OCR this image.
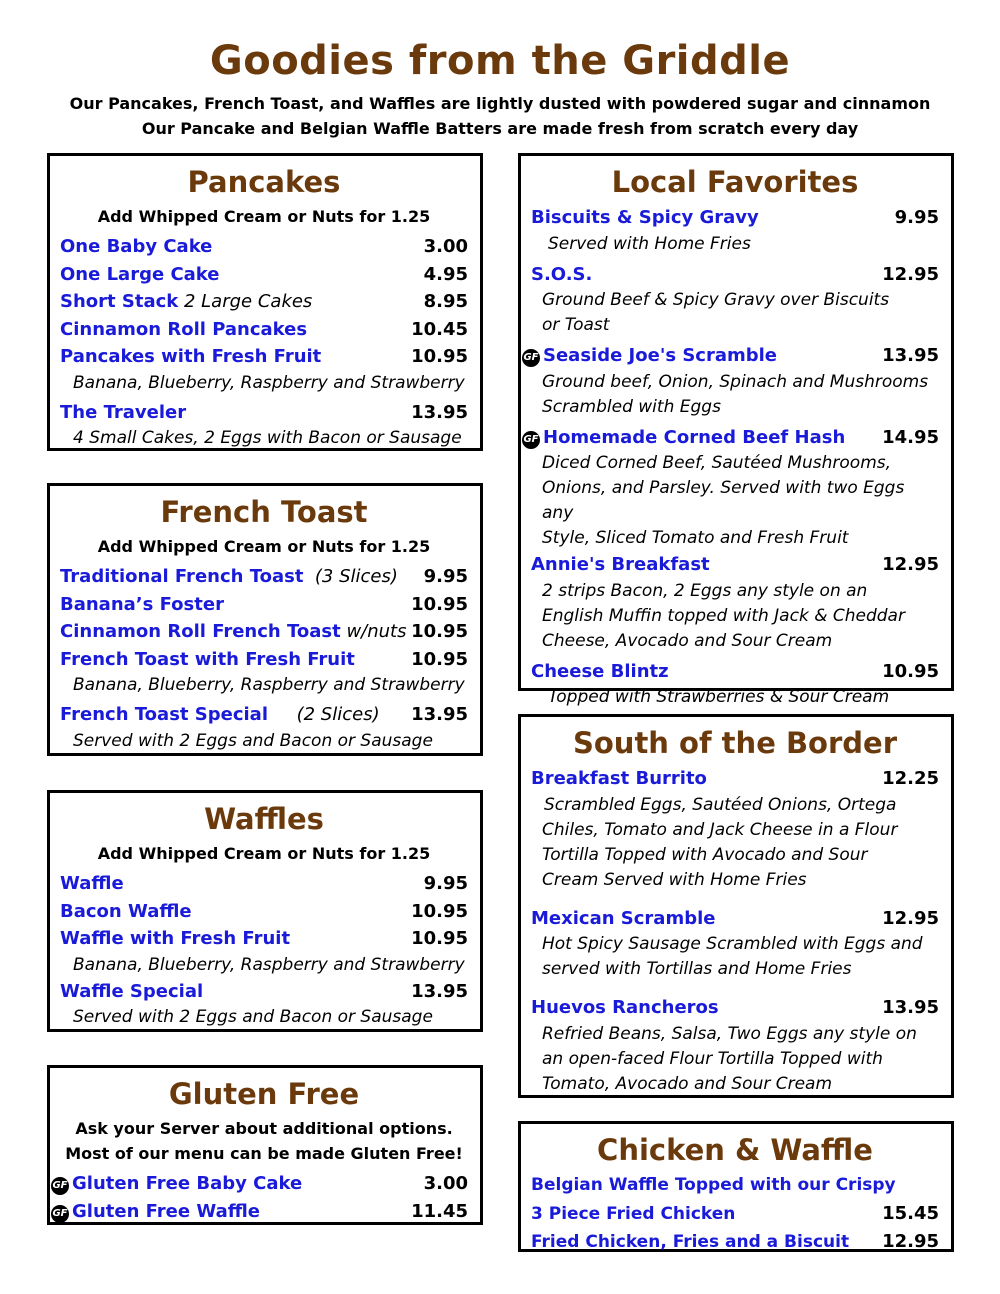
Goodies from the Griddle
Our Pancakes, French Toast, and Waffles are lightly dusted with powdered sugar and cinnamon
Our Pancake and Belgian Waffle Batters are made fresh from scratch every day
Pancakes
Add Whipped Cream or Nuts for 1.25
One Baby Cake	3.00
One Large Cake	4.95
Short Stack 2 Large Cakes	8.95
Cinnamon Roll Pancakes	10.45
Pancakes with Fresh Fruit	10.95
Banana, Blueberry, Raspberry and Strawberry
The Traveler	13.95
4 Small Cakes, 2 Eggs with Bacon or Sausage
French Toast
Add Whipped Cream or Nuts for 1.25
Traditional French Toast (3 Slices) 9.95
Banana’s Foster	10.95
Cinnamon Roll French Toast w/nuts 10.95
French Toast with Fresh Fruit	10.95
Banana, Blueberry, Raspberry and Strawberry
French Toast Special (2 Slices) 13.95
Served with 2 Eggs and Bacon or Sausage
Waffles
Add Whipped Cream or Nuts for 1.25
Waffle	9.95
Bacon Waffle	10.95
Waffle with Fresh Fruit	10.95
Banana, Blueberry, Raspberry and Strawberry
Waffle Special	13.95
Served with 2 Eggs and Bacon or Sausage
Gluten Free
Ask your Server about additional options.
Most of our menu can be made Gluten Free!
GF Gluten Free Baby Cake	3.00
GF Gluten Free Waffle	11.45
Local Favorites
Biscuits & Spicy Gravy	9.95
Served with Home Fries
S.O.S.	12.95
Ground Beef & Spicy Gravy over Biscuits
or Toast
GF Seaside Joe's Scramble	13.95
Ground beef, Onion, Spinach and Mushrooms
Scrambled with Eggs
GF Homemade Corned Beef Hash 14.95
Diced Corned Beef, Sautéed Mushrooms,
Onions, and Parsley. Served with two Eggs any
Style, Sliced Tomato and Fresh Fruit
Annie's Breakfast	12.95
2 strips Bacon, 2 Eggs any style on an
English Muffin topped with Jack & Cheddar
Cheese, Avocado and Sour Cream
Cheese Blintz	10.95
Topped with Strawberries & Sour Cream
South of the Border
Breakfast Burrito	12.25
Scrambled Eggs, Sautéed Onions, Ortega
Chiles, Tomato and Jack Cheese in a Flour
Tortilla Topped with Avocado and Sour
Cream Served with Home Fries
Mexican Scramble	12.95
Hot Spicy Sausage Scrambled with Eggs and
served with Tortillas and Home Fries
Huevos Rancheros	13.95
Refried Beans, Salsa, Two Eggs any style on
an open-faced Flour Tortilla Topped with
Tomato, Avocado and Sour Cream
Chicken & Waffle
Belgian Waffle Topped with our Crispy
3 Piece Fried Chicken	15.45
Fried Chicken, Fries and a Biscuit 12.95
